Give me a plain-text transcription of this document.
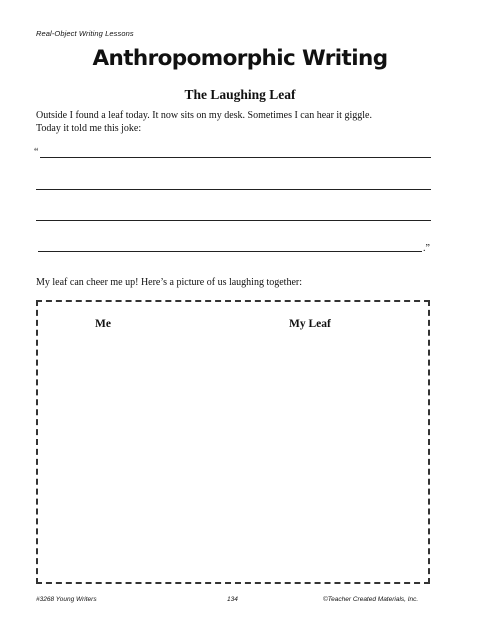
Real-Object Writing Lessons
Anthropomorphic Writing
The Laughing Leaf
Outside I found a leaf today. It now sits on my desk. Sometimes I can hear it giggle.
Today it told me this joke:
“
.”
My leaf can cheer me up! Here’s a picture of us laughing together:
Me	My Leaf
#3268 Young Writers	134	©Teacher Created Materials, Inc.
